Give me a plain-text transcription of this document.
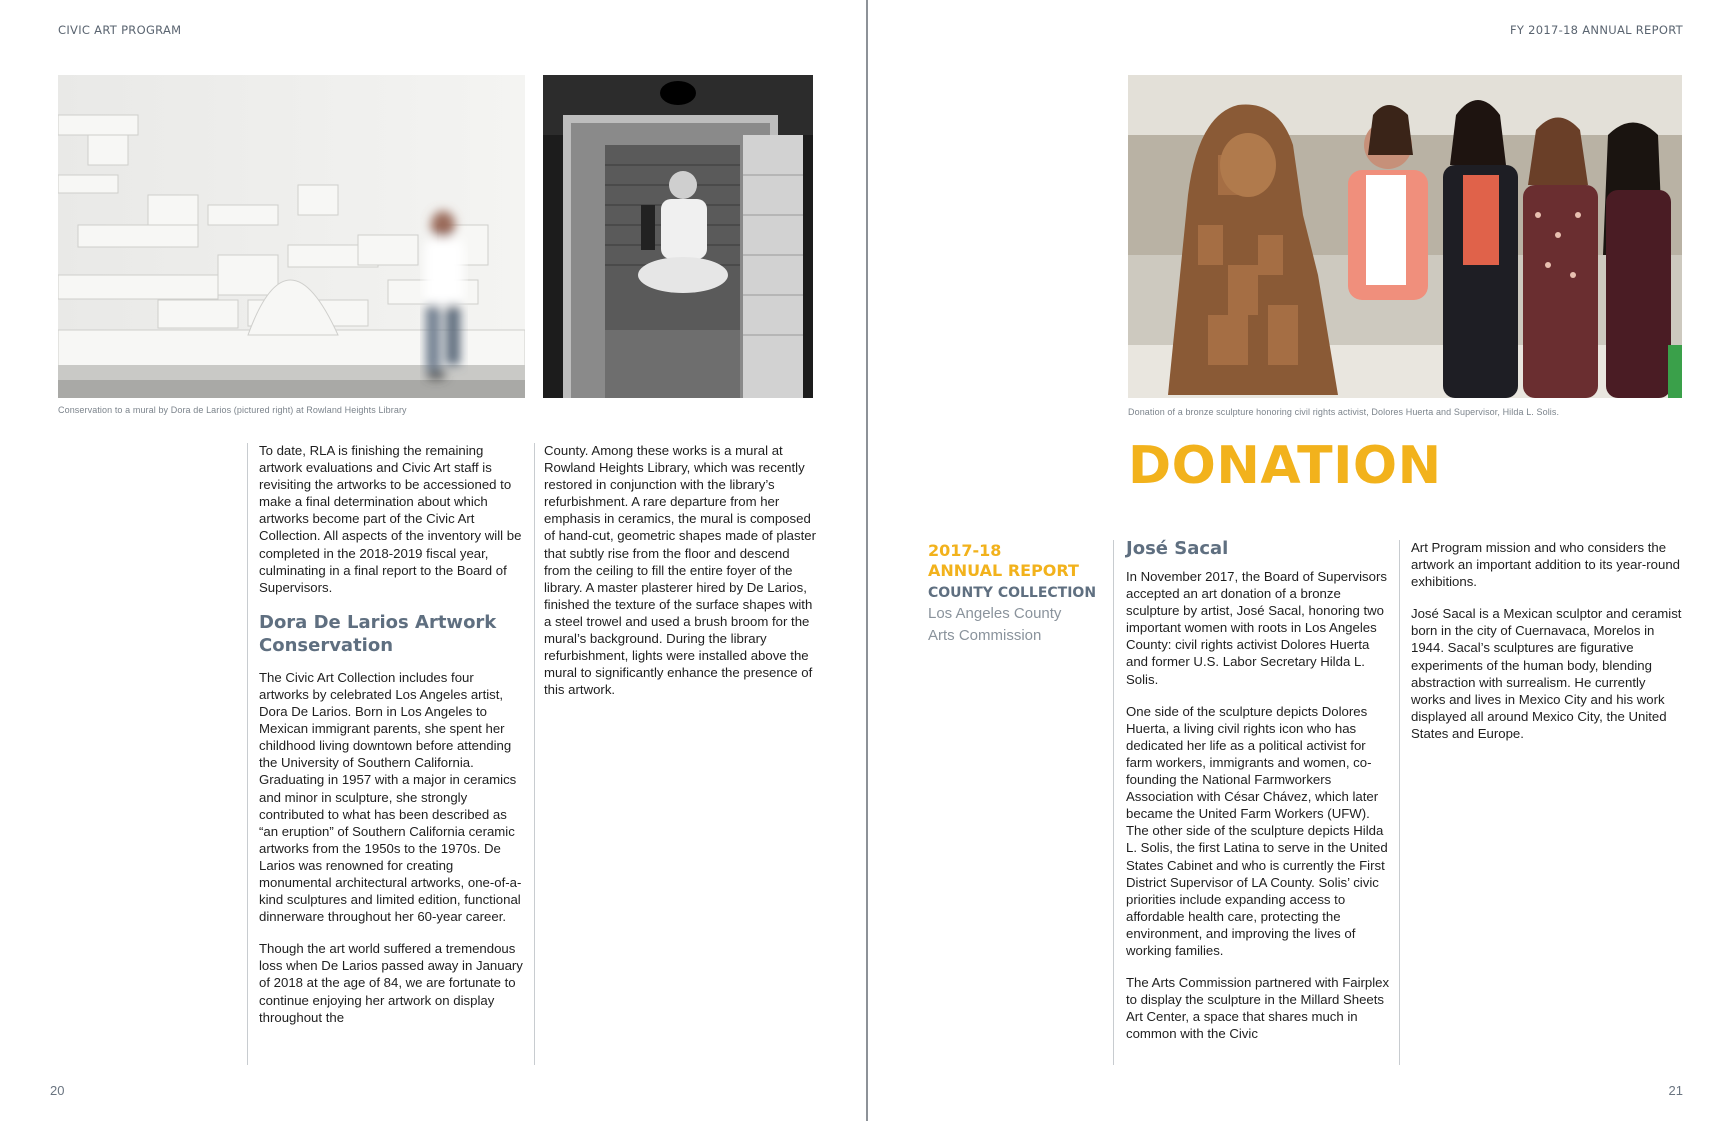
CIVIC ART PROGRAM
Conservation to a mural by Dora de Larios (pictured right) at Rowland Heights Library

To date, RLA is finishing the remaining artwork evaluations and Civic Art staff is revisiting the artworks to be accessioned to make a final determination about which artworks become part of the Civic Art Collection. All aspects of the inventory will be completed in the 2018-2019 fiscal year, culminating in a final report to the Board of Supervisors.

Dora De Larios Artwork Conservation

The Civic Art Collection includes four artworks by celebrated Los Angeles artist, Dora De Larios. Born in Los Angeles to Mexican immigrant parents, she spent her childhood living downtown before attending the University of Southern California. Graduating in 1957 with a major in ceramics and minor in sculpture, she strongly contributed to what has been described as “an eruption” of Southern California ceramic artworks from the 1950s to the 1970s. De Larios was renowned for creating monumental architectural artworks, one-of-a-kind sculptures and limited edition, functional dinnerware throughout her 60-year career.

Though the art world suffered a tremendous loss when De Larios passed away in January of 2018 at the age of 84, we are fortunate to continue enjoying her artwork on display throughout the

County. Among these works is a mural at Rowland Heights Library, which was recently restored in conjunction with the library’s refurbishment. A rare departure from her emphasis in ceramics, the mural is composed of hand-cut, geometric shapes made of plaster that subtly rise from the floor and descend from the ceiling to fill the entire foyer of the library. A master plasterer hired by De Larios, finished the texture of the surface shapes with a steel trowel and used a brush broom for the mural’s background. During the library refurbishment, lights were installed above the mural to significantly enhance the presence of this artwork.

20
FY 2017-18 ANNUAL REPORT
Donation of a bronze sculpture honoring civil rights activist, Dolores Huerta and Supervisor, Hilda L. Solis.
DONATION
2017-18
ANNUAL REPORT
COUNTY COLLECTION
Los Angeles County
Arts Commission
José Sacal

In November 2017, the Board of Supervisors accepted an art donation of a bronze sculpture by artist, José Sacal, honoring two important women with roots in Los Angeles County: civil rights activist Dolores Huerta and former U.S. Labor Secretary Hilda L. Solis.

One side of the sculpture depicts Dolores Huerta, a living civil rights icon who has dedicated her life as a political activist for farm workers, immigrants and women, co-founding the National Farmworkers Association with César Chávez, which later became the United Farm Workers (UFW). The other side of the sculpture depicts Hilda L. Solis, the first Latina to serve in the United States Cabinet and who is currently the First District Supervisor of LA County. Solis’ civic priorities include expanding access to affordable health care, protecting the environment, and improving the lives of working families.

The Arts Commission partnered with Fairplex to display the sculpture in the Millard Sheets Art Center, a space that shares much in common with the Civic

Art Program mission and who considers the artwork an important addition to its year-round exhibitions.

José Sacal is a Mexican sculptor and ceramist born in the city of Cuernavaca, Morelos in 1944. Sacal’s sculptures are figurative experiments of the human body, blending abstraction with surrealism. He currently works and lives in Mexico City and his work displayed all around Mexico City, the United States and Europe.

21
